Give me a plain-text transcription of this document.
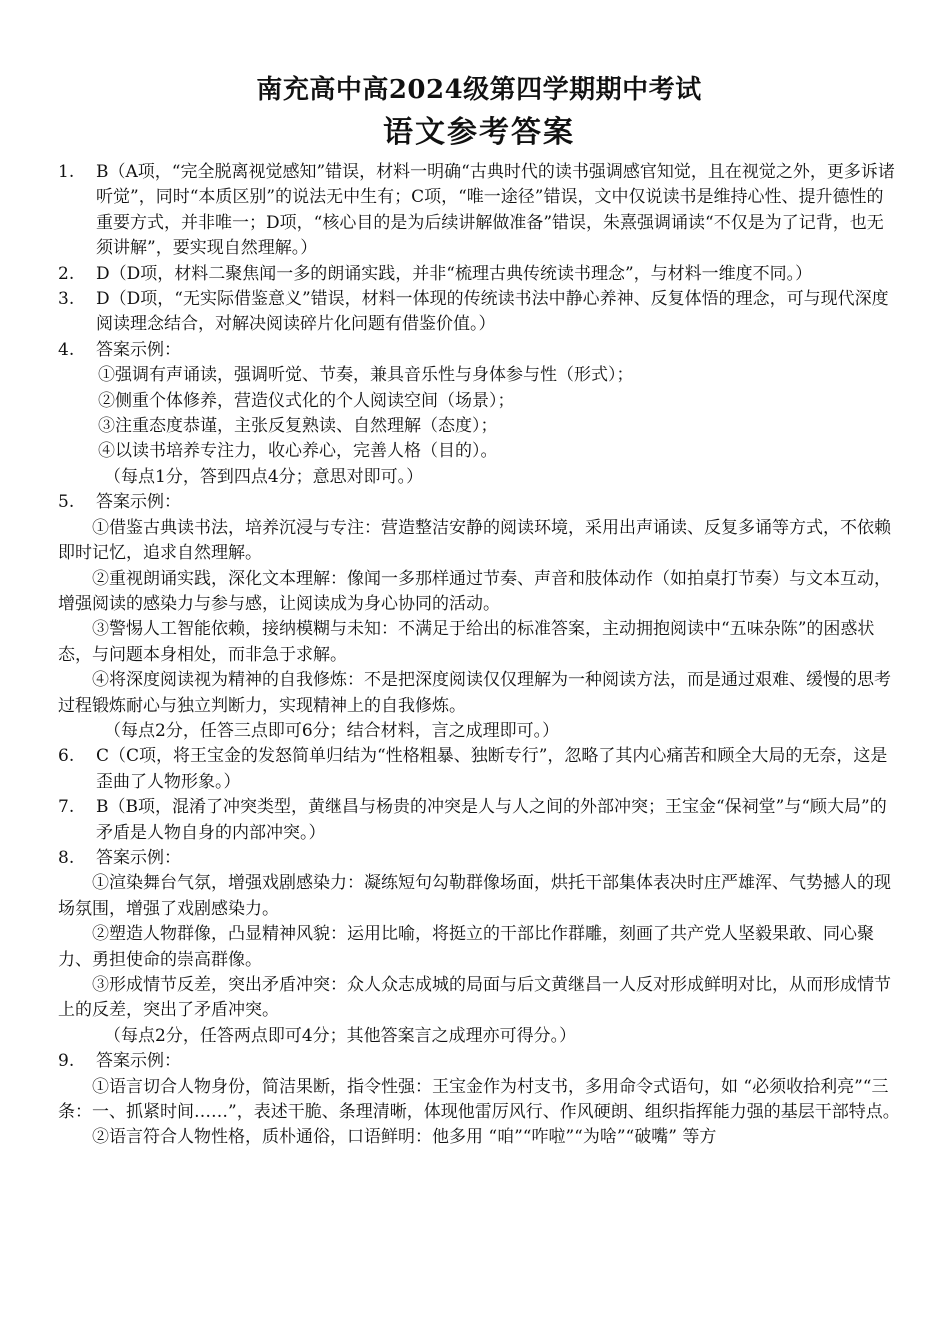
南充高中高2024级第四学期期中考试
语文参考答案
1. B（A项，“完全脱离视觉感知”错误，材料一明确“古典时代的读书强调感官知觉，且在视觉之外，更多诉诸听觉”，同时“本质区别”的说法无中生有；C项，“唯一途径”错误，文中仅说读书是维持心性、提升德性的重要方式，并非唯一；D项，“核心目的是为后续讲解做准备”错误，朱熹强调诵读“不仅是为了记背，也无须讲解”，要实现自然理解。）

2. D（D项，材料二聚焦闻一多的朗诵实践，并非“梳理古典传统读书理念”，与材料一维度不同。）

3. D（D项，“无实际借鉴意义”错误，材料一体现的传统读书法中静心养神、反复体悟的理念，可与现代深度阅读理念结合，对解决阅读碎片化问题有借鉴价值。）

4. 答案示例：

①强调有声诵读，强调听觉、节奏，兼具音乐性与身体参与性（形式）；

②侧重个体修养，营造仪式化的个人阅读空间（场景）；

③注重态度恭谨，主张反复熟读、自然理解（态度）；

④以读书培养专注力，收心养心，完善人格（目的）。

（每点1分，答到四点4分；意思对即可。）

5. 答案示例：

①借鉴古典读书法，培养沉浸与专注：营造整洁安静的阅读环境，采用出声诵读、反复多诵等方式，不依赖即时记忆，追求自然理解。

②重视朗诵实践，深化文本理解：像闻一多那样通过节奏、声音和肢体动作（如拍桌打节奏）与文本互动，增强阅读的感染力与参与感，让阅读成为身心协同的活动。

③警惕人工智能依赖，接纳模糊与未知：不满足于给出的标准答案，主动拥抱阅读中“五味杂陈”的困惑状态，与问题本身相处，而非急于求解。

④将深度阅读视为精神的自我修炼：不是把深度阅读仅仅理解为一种阅读方法，而是通过艰难、缓慢的思考过程锻炼耐心与独立判断力，实现精神上的自我修炼。

（每点2分，任答三点即可6分；结合材料，言之成理即可。）

6. C（C项，将王宝金的发怒简单归结为“性格粗暴、独断专行”，忽略了其内心痛苦和顾全大局的无奈，这是歪曲了人物形象。）

7. B（B项，混淆了冲突类型，黄继昌与杨贵的冲突是人与人之间的外部冲突；王宝金“保祠堂”与“顾大局”的矛盾是人物自身的内部冲突。）

8. 答案示例：

①渲染舞台气氛，增强戏剧感染力：凝练短句勾勒群像场面，烘托干部集体表决时庄严雄浑、气势撼人的现场氛围，增强了戏剧感染力。

②塑造人物群像，凸显精神风貌：运用比喻，将挺立的干部比作群雕，刻画了共产党人坚毅果敢、同心聚力、勇担使命的崇高群像。

③形成情节反差，突出矛盾冲突：众人众志成城的局面与后文黄继昌一人反对形成鲜明对比，从而形成情节上的反差，突出了矛盾冲突。

（每点2分，任答两点即可4分；其他答案言之成理亦可得分。）

9. 答案示例：

①语言切合人物身份，简洁果断，指令性强：王宝金作为村支书，多用命令式语句，如 “必须收拾利亮”“三条：一、抓紧时间……”，表述干脆、条理清晰，体现他雷厉风行、作风硬朗、组织指挥能力强的基层干部特点。

②语言符合人物性格，质朴通俗，口语鲜明：他多用 “咱”“咋啦”“为啥”“破嘴” 等方
